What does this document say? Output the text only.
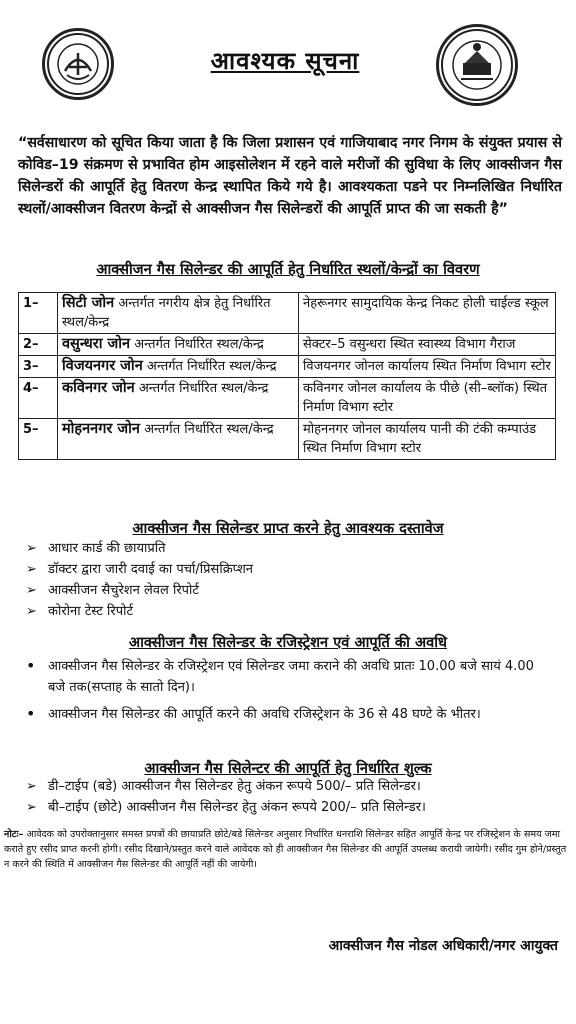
आवश्यक सूचना
“सर्वसाधारण को सूचित किया जाता है कि जिला प्रशासन एवं गाजियाबाद नगर निगम के संयुक्त प्रयास से कोविड–19 संक्रमण से प्रभावित होम आइसोलेशन में रहने वाले मरीजों की सुविधा के लिए आक्सीजन गैस सिलेन्डरों की आपूर्ति हेतु वितरण केन्द्र स्थापित किये गये है। आवश्यकता पडने पर निम्नलिखित निर्धारित स्थलों/आक्सीजन वितरण केन्द्रों से आक्सीजन गैस सिलेन्डरों की आपूर्ति प्राप्त की जा सकती है”
आक्सीजन गैस सिलेन्डर की आपूर्ति हेतु निर्धारित स्थलों/केन्द्रों का विवरण
1–	सिटी जोन अन्तर्गत नगरीय क्षेत्र हेतु निर्धारित स्थल/केन्द्र	नेहरूनगर सामुदायिक केन्द्र निकट होली चाईल्ड स्कूल
2–	वसुन्धरा जोन अन्तर्गत निर्धारित स्थल/केन्द्र	सेक्टर–5 वसुन्धरा स्थित स्वास्थ्य विभाग गैराज
3–	विजयनगर जोन अन्तर्गत निर्धारित स्थल/केन्द्र	विजयनगर जोनल कार्यालय स्थित निर्माण विभाग स्टोर
4–	कविनगर जोन अन्तर्गत निर्धारित स्थल/केन्द्र	कविनगर जोनल कार्यालय के पीछे (सी–ब्लॉक) स्थित निर्माण विभाग स्टोर
5–	मोहननगर जोन अन्तर्गत निर्धारित स्थल/केन्द्र	मोहननगर जोनल कार्यालय पानी की टंकी कम्पाउंड स्थित निर्माण विभाग स्टोर
आक्सीजन गैस सिलेन्डर प्राप्त करने हेतु आवश्यक दस्तावेज
➢ आधार कार्ड की छायाप्रति
➢ डॉक्टर द्वारा जारी दवाई का पर्चा/प्रिसक्रिप्शन
➢ आक्सीजन सैचुरेशन लेवल रिपोर्ट
➢ कोरोना टेस्ट रिपोर्ट
आक्सीजन गैस सिलेन्डर के रजिस्ट्रेशन एवं आपूर्ति की अवधि
• आक्सीजन गैस सिलेन्डर के रजिस्ट्रेशन एवं सिलेन्डर जमा कराने की अवधि प्रातः 10.00 बजे सायं 4.00 बजे तक(सप्ताह के सातो दिन)।
• आक्सीजन गैस सिलेन्डर की आपूर्ति करने की अवधि रजिस्ट्रेशन के 36 से 48 घण्टे के भीतर।
आक्सीजन गैस सिलेन्टर की आपूर्ति हेतु निर्धारित शुल्क
➢ डी–टाईप (बडे) आक्सीजन गैस सिलेन्डर हेतु अंकन रूपये 500/– प्रति सिलेन्डर।
➢ बी–टाईप (छोटे) आक्सीजन गैस सिलेन्डर हेतु अंकन रूपये 200/– प्रति सिलेन्डर।
नोटः– आवेदक को उपरोक्तानुसार समस्त प्रपत्रों की छायाप्रति छोटे/बडे सिलेन्डर अनुसार निर्धारित धनराशि सिलेन्डर सहित आपूर्ति केन्द्र पर रजिस्ट्रेशन के समय जमा कराते हुए रसीद प्राप्त करनी होगी। रसीद दिखाने/प्रस्तुत करने वाले आवेदक को ही आक्सीजन गैस सिलेन्डर की आपूर्ति उपलब्ध करायी जायेगी। रसीद गुम होने/प्रस्तुत न करने की स्थिति में आक्सीजन गैस सिलेन्डर की आपूर्ति नहीं की जायेगी।
आक्सीजन गैस नोडल अधिकारी/नगर आयुक्त
